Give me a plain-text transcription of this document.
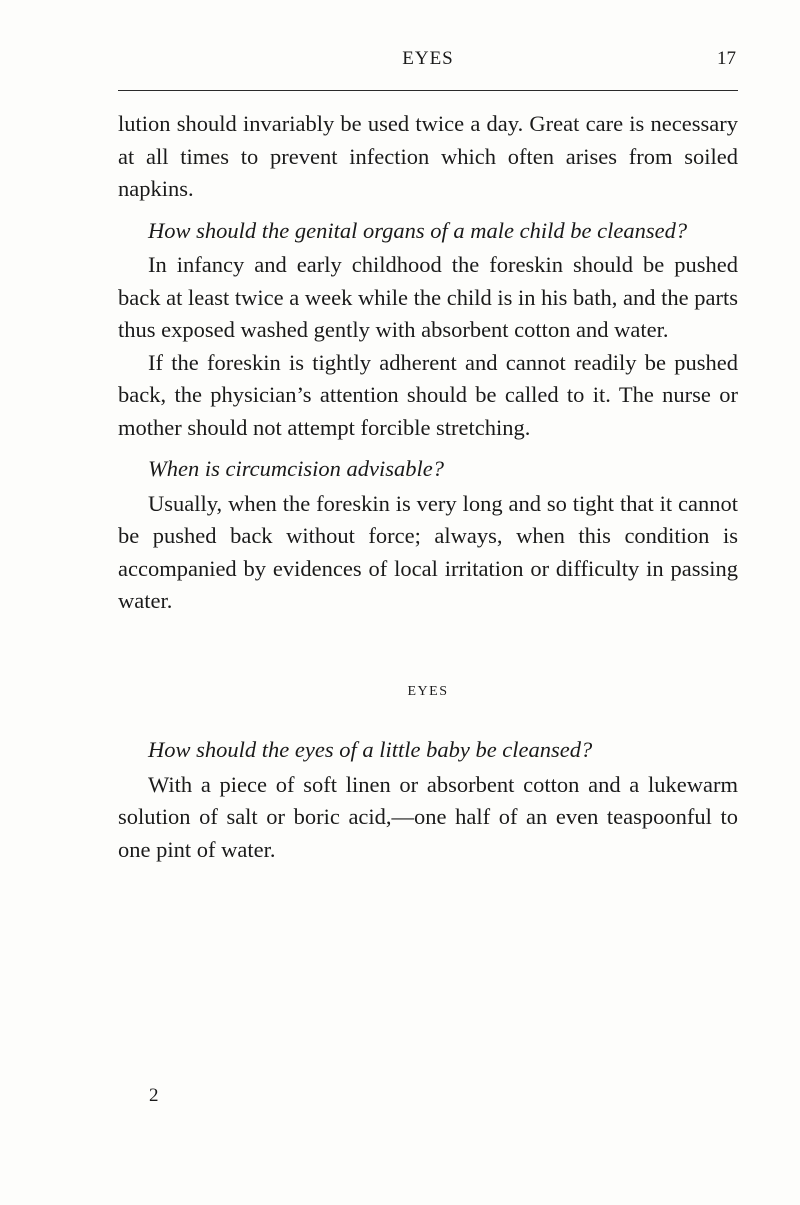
EYES	17

lution should invariably be used twice a day. Great care is necessary at all times to prevent infection which often arises from soiled napkins.

How should the genital organs of a male child be cleansed?

In infancy and early childhood the foreskin should be pushed back at least twice a week while the child is in his bath, and the parts thus exposed washed gently with absorbent cotton and water.

If the foreskin is tightly adherent and cannot readily be pushed back, the physician’s attention should be called to it. The nurse or mother should not attempt forcible stretching.

When is circumcision advisable?

Usually, when the foreskin is very long and so tight that it cannot be pushed back without force; always, when this condition is accompanied by evidences of local irritation or difficulty in passing water.

EYES

How should the eyes of a little baby be cleansed?

With a piece of soft linen or absorbent cotton and a lukewarm solution of salt or boric acid,—one half of an even teaspoonful to one pint of water.

2
